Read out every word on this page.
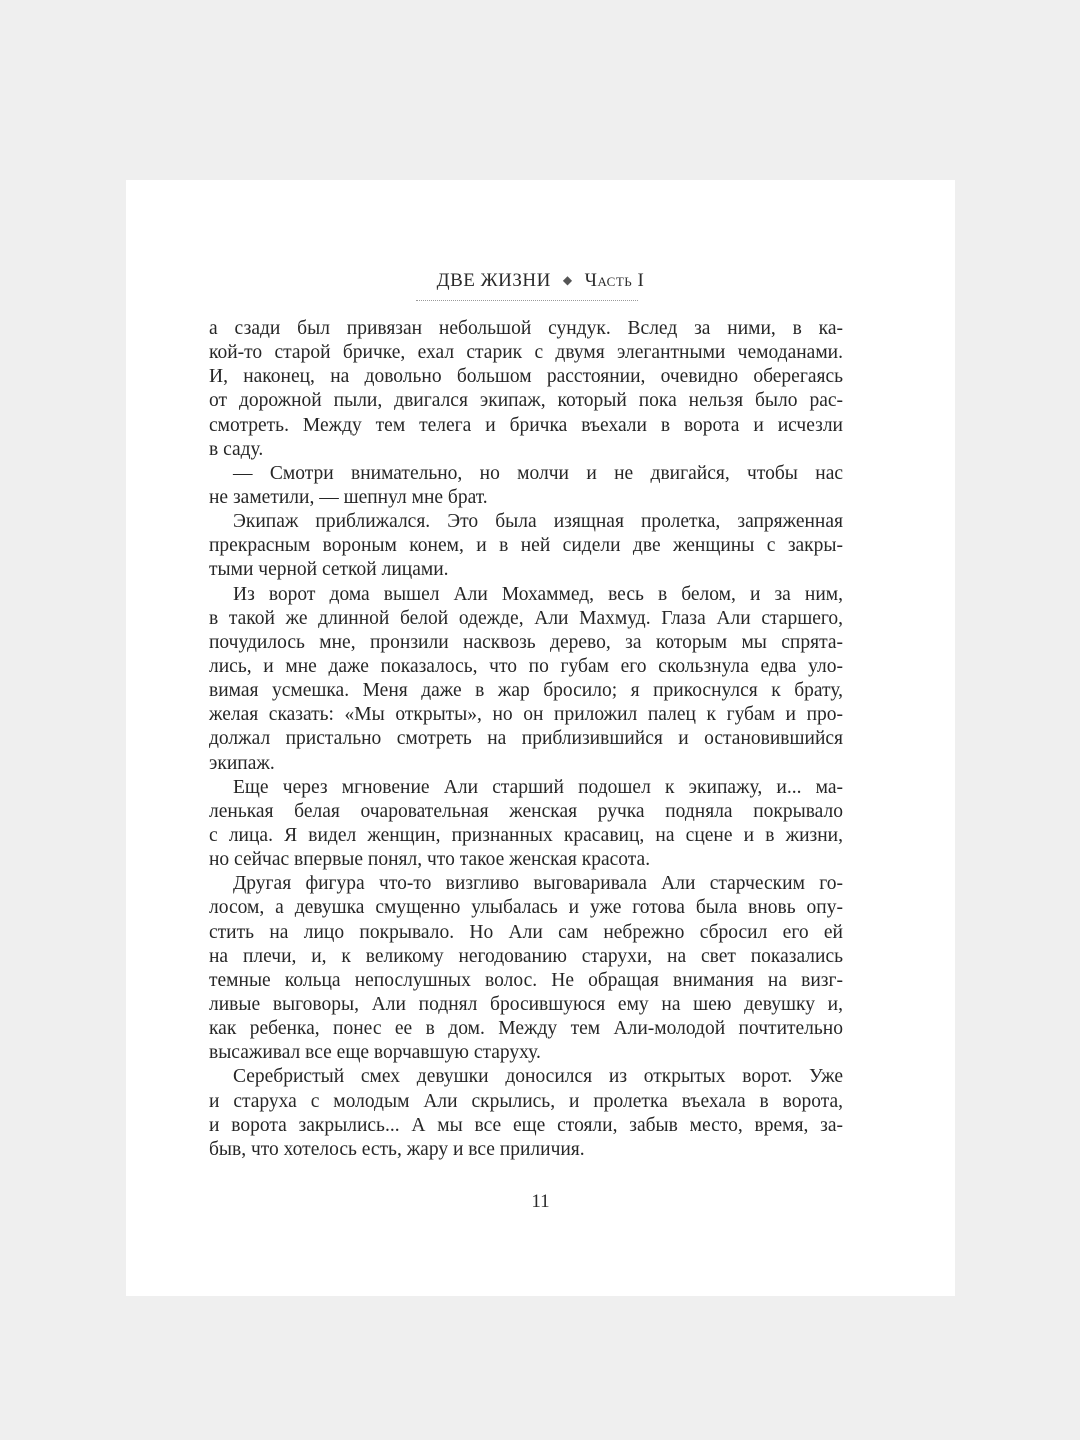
ДВЕ ЖИЗНИ ◆ Часть I
а сзади был привязан небольшой сундук. Вслед за ними, в ка-
кой-то старой бричке, ехал старик с двумя элегантными чемоданами.
И, наконец, на довольно большом расстоянии, очевидно оберегаясь
от дорожной пыли, двигался экипаж, который пока нельзя было рас-
смотреть. Между тем телега и бричка въехали в ворота и исчезли
в саду.
— Смотри внимательно, но молчи и не двигайся, чтобы нас
не заметили, — шепнул мне брат.
Экипаж приближался. Это была изящная пролетка, запряженная
прекрасным вороным конем, и в ней сидели две женщины с закры-
тыми черной сеткой лицами.
Из ворот дома вышел Али Мохаммед, весь в белом, и за ним,
в такой же длинной белой одежде, Али Махмуд. Глаза Али старшего,
почудилось мне, пронзили насквозь дерево, за которым мы спрята-
лись, и мне даже показалось, что по губам его скользнула едва уло-
вимая усмешка. Меня даже в жар бросило; я прикоснулся к брату,
желая сказать: «Мы открыты», но он приложил палец к губам и про-
должал пристально смотреть на приблизившийся и остановившийся
экипаж.
Еще через мгновение Али старший подошел к экипажу, и... ма-
ленькая белая очаровательная женская ручка подняла покрывало
с лица. Я видел женщин, признанных красавиц, на сцене и в жизни,
но сейчас впервые понял, что такое женская красота.
Другая фигура что-то визгливо выговаривала Али старческим го-
лосом, а девушка смущенно улыбалась и уже готова была вновь опу-
стить на лицо покрывало. Но Али сам небрежно сбросил его ей
на плечи, и, к великому негодованию старухи, на свет показались
темные кольца непослушных волос. Не обращая внимания на визг-
ливые выговоры, Али поднял бросившуюся ему на шею девушку и,
как ребенка, понес ее в дом. Между тем Али-молодой почтительно
высаживал все еще ворчавшую старуху.
Серебристый смех девушки доносился из открытых ворот. Уже
и старуха с молодым Али скрылись, и пролетка въехала в ворота,
и ворота закрылись... А мы все еще стояли, забыв место, время, за-
быв, что хотелось есть, жару и все приличия.
11
